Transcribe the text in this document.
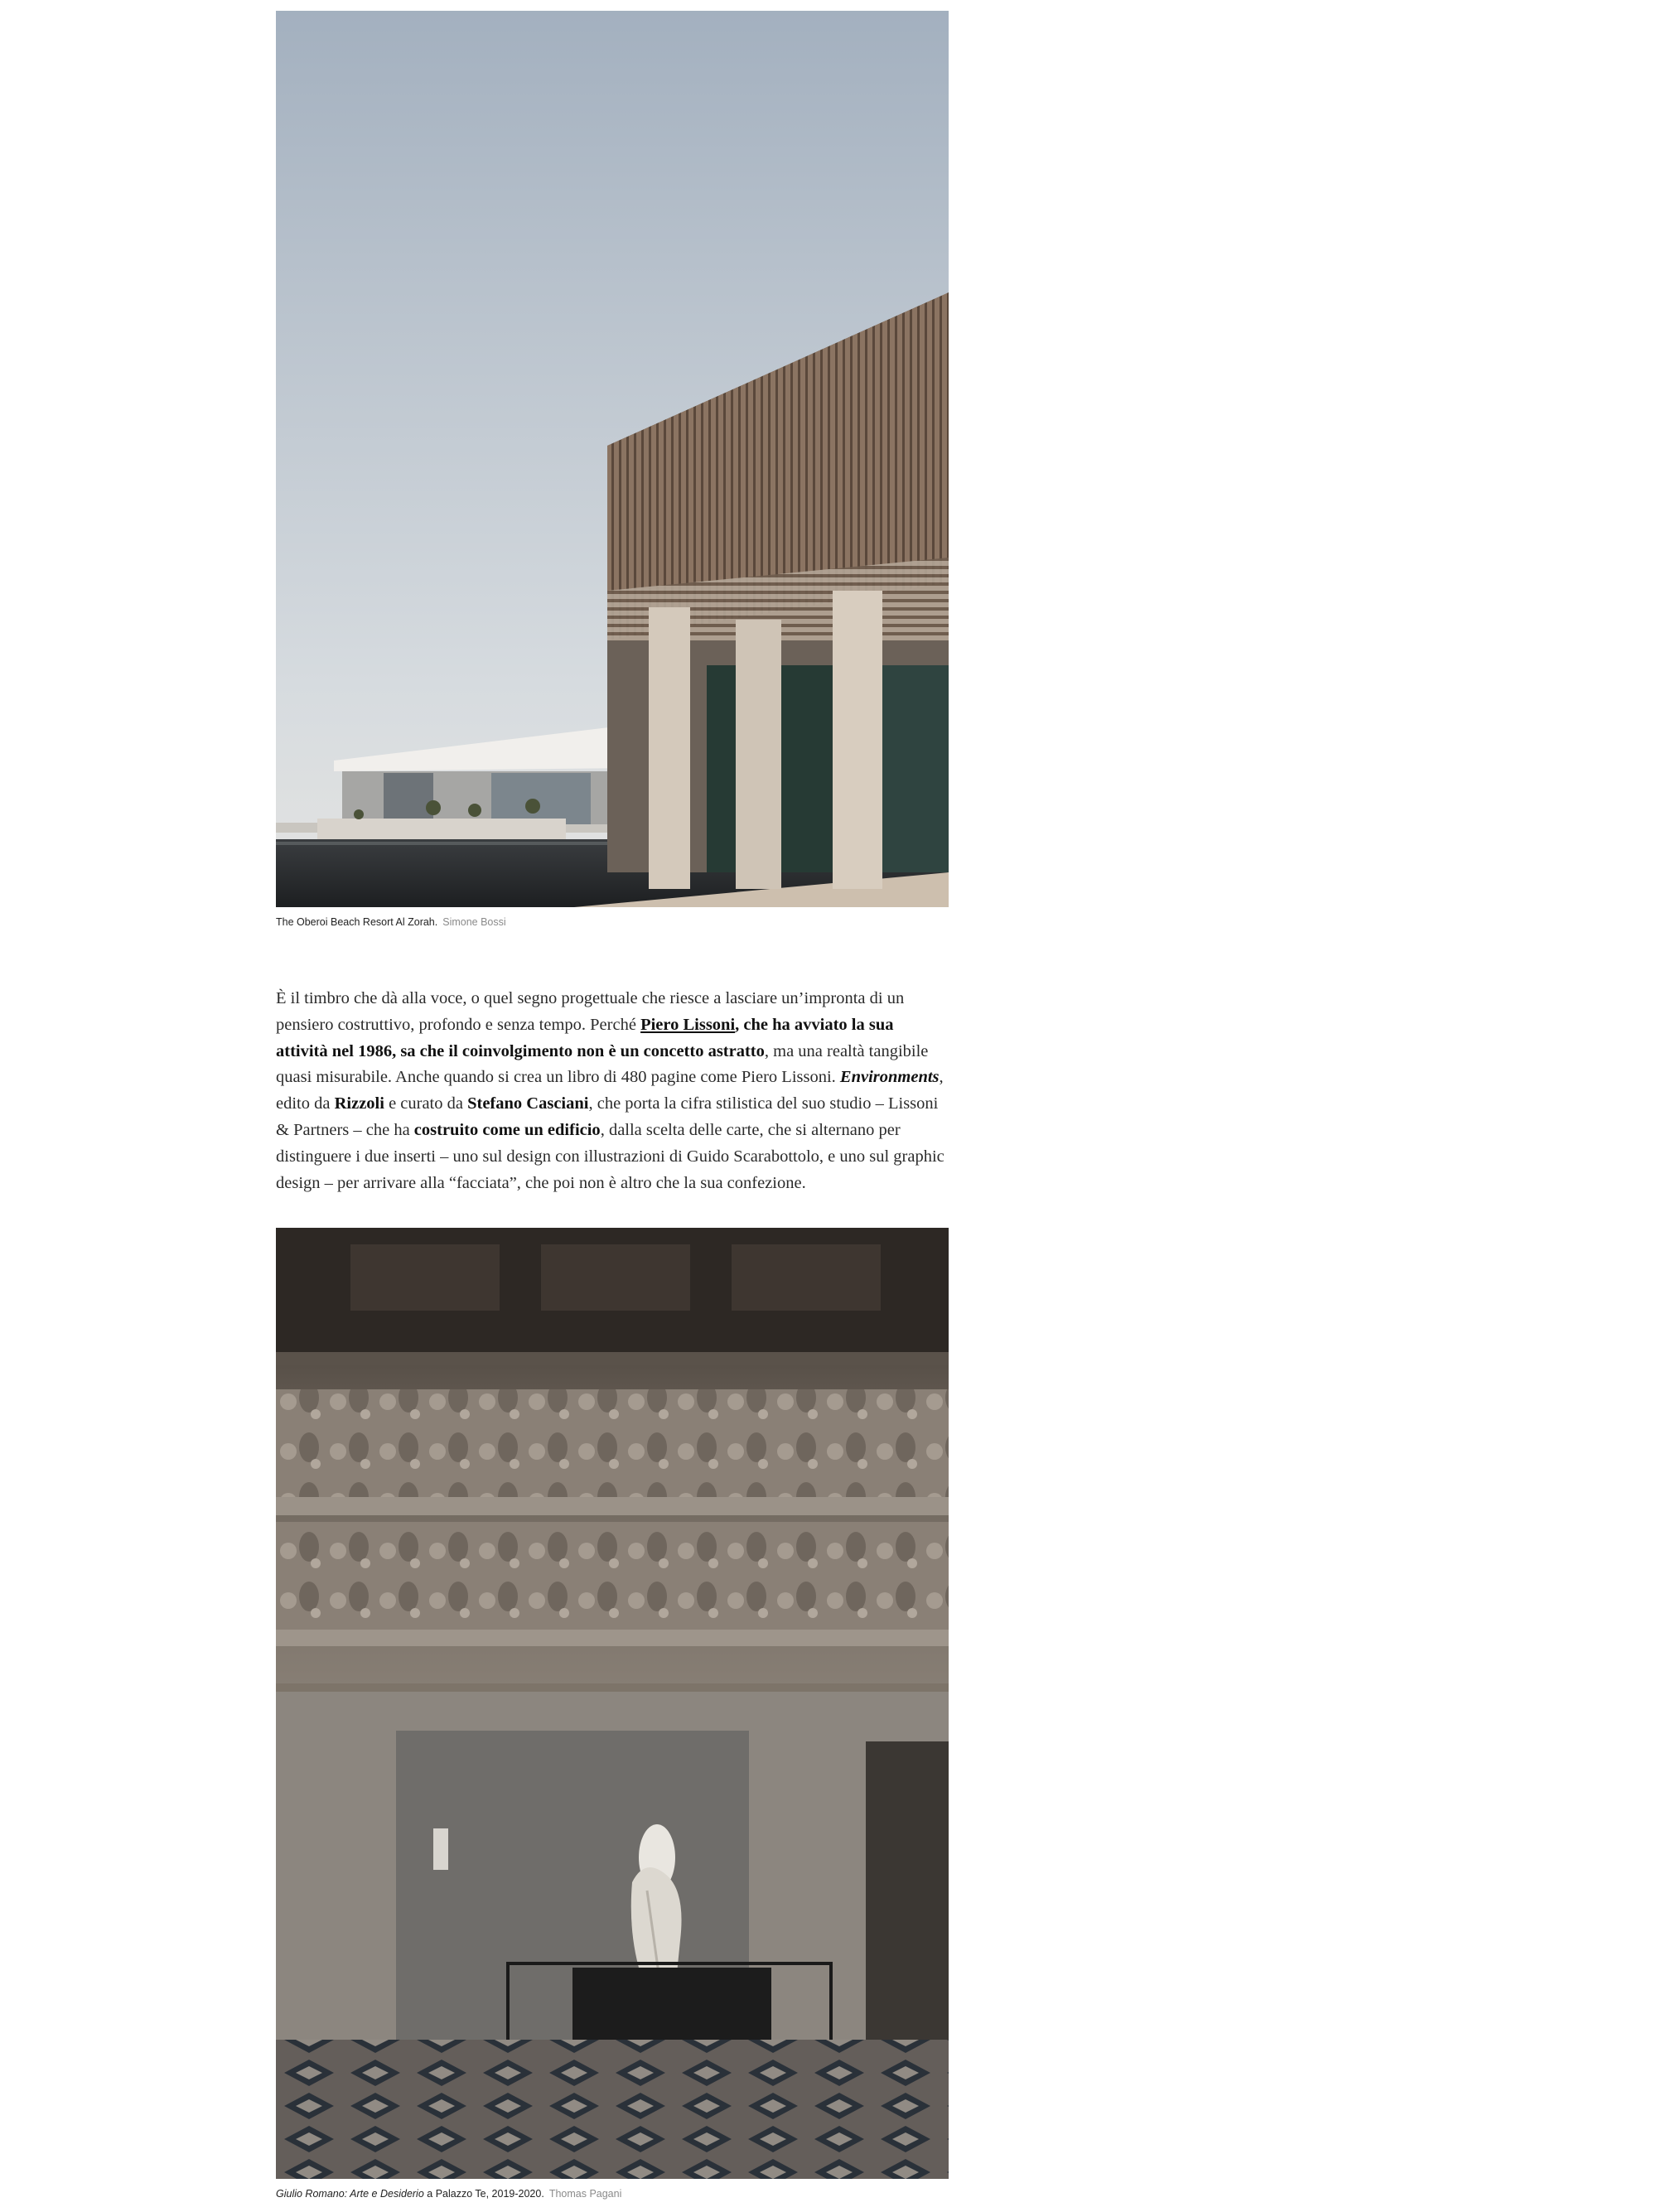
The Oberoi Beach Resort Al Zorah. Simone Bossi

È il timbro che dà alla voce, o quel segno progettuale che riesce a lasciare un’impronta di un pensiero costruttivo, profondo e senza tempo. Perché Piero Lissoni, che ha avviato la sua attività nel 1986, sa che il coinvolgimento non è un concetto astratto, ma una realtà tangibile quasi misurabile. Anche quando si crea un libro di 480 pagine come Piero Lissoni. Environments, edito da Rizzoli e curato da Stefano Casciani, che porta la cifra stilistica del suo studio – Lissoni & Partners – che ha costruito come un edificio, dalla scelta delle carte, che si alternano per distinguere i due inserti – uno sul design con illustrazioni di Guido Scarabottolo, e uno sul graphic design – per arrivare alla “facciata”, che poi non è altro che la sua confezione.

Giulio Romano: Arte e Desiderio a Palazzo Te, 2019-2020. Thomas Pagani
